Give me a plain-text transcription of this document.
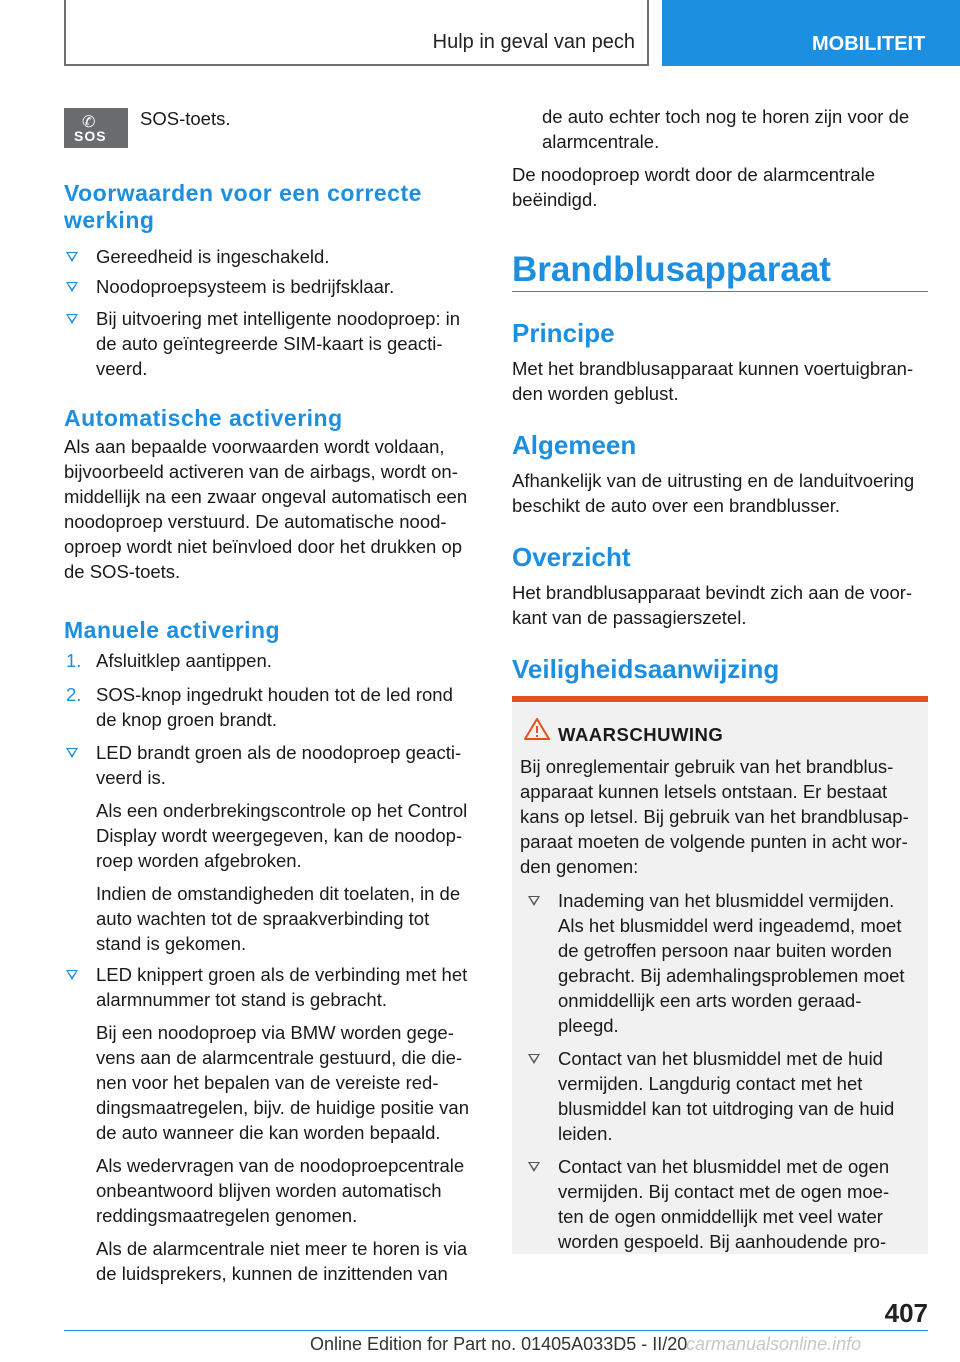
Hulp in geval van pech	MOBILITEIT
✆
SOS
SOS-toets.
Voorwaarden voor een correcte
werking
Gereedheid is ingeschakeld.
Noodoproepsysteem is bedrijfsklaar.
Bij uitvoering met intelligente noodoproep: in
de auto geïntegreerde SIM-kaart is geacti-
veerd.
Automatische activering
Als aan bepaalde voorwaarden wordt voldaan,
bijvoorbeeld activeren van de airbags, wordt on-
middellijk na een zwaar ongeval automatisch een
noodoproep verstuurd. De automatische nood-
oproep wordt niet beïnvloed door het drukken op
de SOS-toets.
Manuele activering
1. Afsluitklep aantippen.
2. SOS-knop ingedrukt houden tot de led rond
de knop groen brandt.
LED brandt groen als de noodoproep geacti-
veerd is.
Als een onderbrekingscontrole op het Control
Display wordt weergegeven, kan de noodop-
roep worden afgebroken.
Indien de omstandigheden dit toelaten, in de
auto wachten tot de spraakverbinding tot
stand is gekomen.
LED knippert groen als de verbinding met het
alarmnummer tot stand is gebracht.
Bij een noodoproep via BMW worden gege-
vens aan de alarmcentrale gestuurd, die die-
nen voor het bepalen van de vereiste red-
dingsmaatregelen, bijv. de huidige positie van
de auto wanneer die kan worden bepaald.
Als wedervragen van de noodoproepcentrale
onbeantwoord blijven worden automatisch
reddingsmaatregelen genomen.
Als de alarmcentrale niet meer te horen is via
de luidsprekers, kunnen de inzittenden van
de auto echter toch nog te horen zijn voor de
alarmcentrale.
De noodoproep wordt door de alarmcentrale
beëindigd.
Brandblusapparaat
Principe
Met het brandblusapparaat kunnen voertuigbran-
den worden geblust.
Algemeen
Afhankelijk van de uitrusting en de landuitvoering
beschikt de auto over een brandblusser.
Overzicht
Het brandblusapparaat bevindt zich aan de voor-
kant van de passagierszetel.
Veiligheidsaanwijzing
WAARSCHUWING
Bij onreglementair gebruik van het brandblus-
apparaat kunnen letsels ontstaan. Er bestaat
kans op letsel. Bij gebruik van het brandblusap-
paraat moeten de volgende punten in acht wor-
den genomen:
Inademing van het blusmiddel vermijden.
Als het blusmiddel werd ingeademd, moet
de getroffen persoon naar buiten worden
gebracht. Bij ademhalingsproblemen moet
onmiddellijk een arts worden geraad-
pleegd.
Contact van het blusmiddel met de huid
vermijden. Langdurig contact met het
blusmiddel kan tot uitdroging van de huid
leiden.
Contact van het blusmiddel met de ogen
vermijden. Bij contact met de ogen moe-
ten de ogen onmiddellijk met veel water
worden gespoeld. Bij aanhoudende pro-
407
Online Edition for Part no. 01405A033D5 - II/20
carmanualsonline.info
